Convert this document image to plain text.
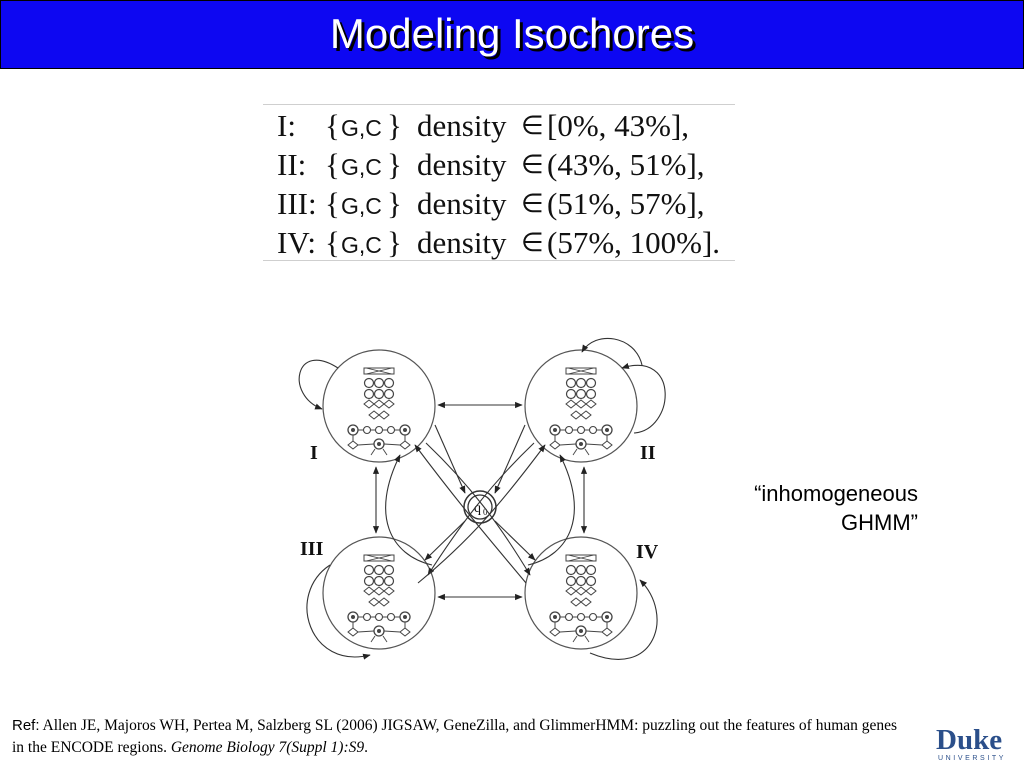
Modeling Isochores
I: { G,C } density ∈ [0%, 43%],
II: { G,C } density ∈ (43%, 51%],
III: { G,C } density ∈ (51%, 57%],
IV: { G,C } density ∈ (57%, 100%].
q 0
I	II
III	IV
“inhomogeneous
GHMM”
Ref: Allen JE, Majoros WH, Pertea M, Salzberg SL (2006) JIGSAW, GeneZilla, and GlimmerHMM: puzzling out the features of human genes in the ENCODE regions. Genome Biology 7(Suppl 1):S9.	Duke
UNIVERSITY
